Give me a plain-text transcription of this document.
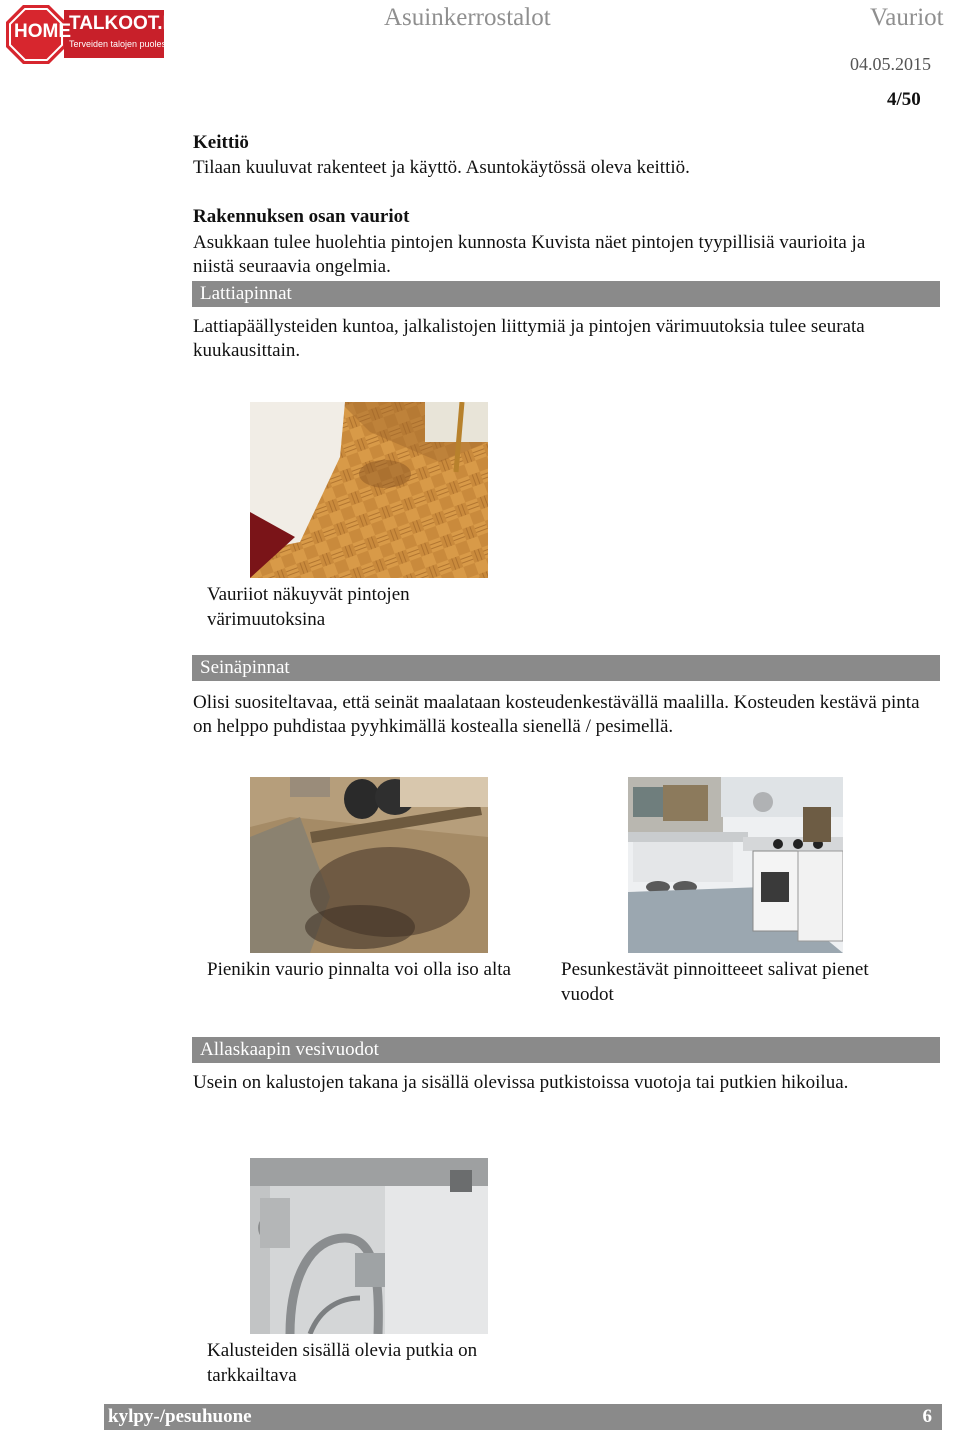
HOME
TALKOOT.FI
Terveiden talojen puolesta
Asuinkerrostalot	Vauriot
04.05.2015
4/50
Keittiö
Tilaan kuuluvat rakenteet ja käyttö. Asuntokäytössä oleva keittiö.
Rakennuksen osan vauriot
Asukkaan tulee huolehtia pintojen kunnosta Kuvista näet pintojen tyypillisiä vaurioita ja niistä seuraavia ongelmia.
Lattiapinnat
Lattiapäällysteiden kuntoa, jalkalistojen liittymiä ja pintojen värimuutoksia tulee seurata kuukausittain.
Vauriiot näkuyvät pintojen värimuutoksina
Seinäpinnat
Olisi suositeltavaa, että seinät maalataan kosteudenkestävällä maalilla. Kosteuden kestävä pinta on helppo puhdistaa pyyhkimällä kostealla sienellä / pesimellä.
Pienikin vaurio pinnalta voi olla iso alta	Pesunkestävät pinnoitteeet salivat pienet vuodot
Allaskaapin vesivuodot
Usein on kalustojen takana ja sisällä olevissa putkistoissa vuotoja tai putkien hikoilua.
Kalusteiden sisällä olevia putkia on tarkkailtava
kylpy-/pesuhuone	6
